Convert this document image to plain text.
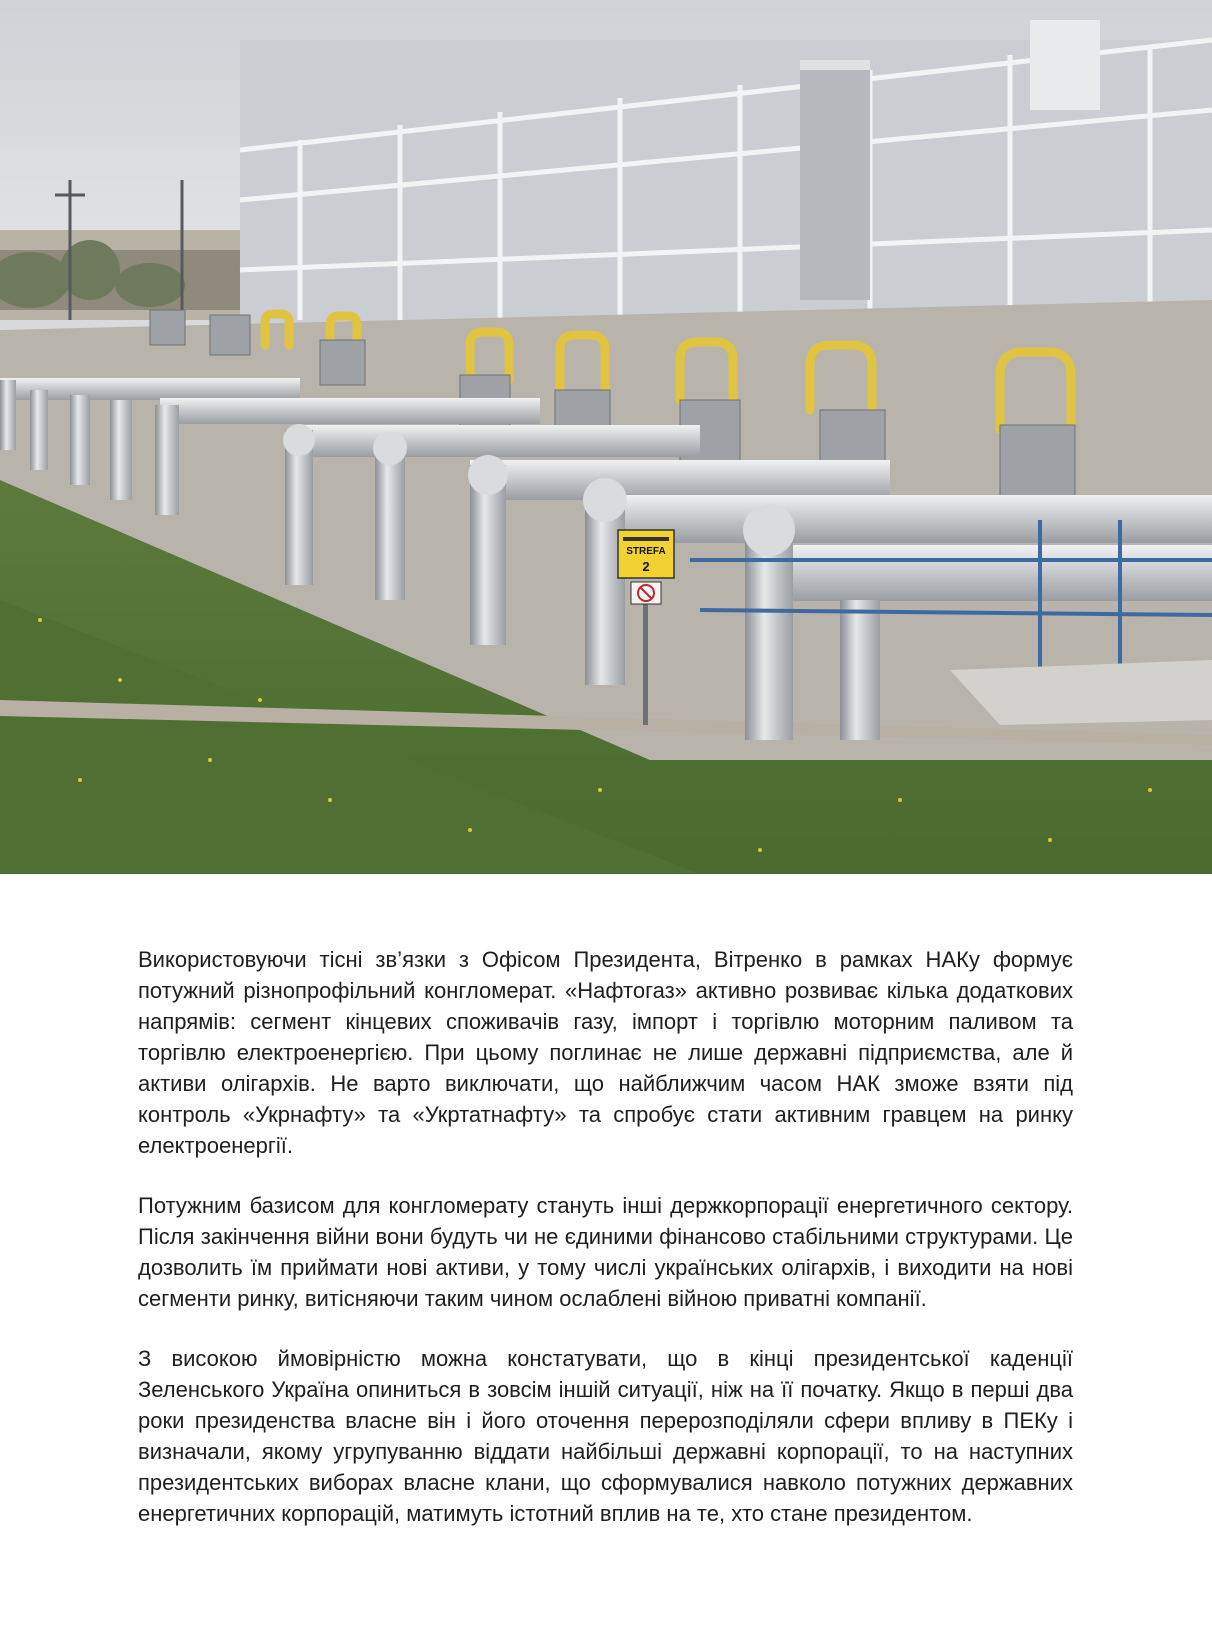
STREFA
2

Використовуючи тісні зв’язки з Офісом Президента, Вітренко в рамках НАКу формує потужний різнопрофільний конгломерат. «Нафтогаз» активно розвиває кілька додаткових напрямів: сегмент кінцевих споживачів газу, імпорт і торгівлю моторним паливом та торгівлю електроенергією. При цьому поглинає не лише державні підприємства, але й активи олігархів. Не варто виключати, що найближчим часом НАК зможе взяти під контроль «Укрнафту» та «Укртатнафту» та спробує стати активним гравцем на ринку електроенергії.

Потужним базисом для конгломерату стануть інші держкорпорації енергетичного сектору. Після закінчення війни вони будуть чи не єдиними фінансово стабільними структурами. Це дозволить їм приймати нові активи, у тому числі українських олігархів, і виходити на нові сегменти ринку, витісняючи таким чином ослаблені війною приватні компанії.

З високою ймовірністю можна констатувати, що в кінці президентської каденції Зеленського Україна опиниться в зовсім іншій ситуації, ніж на її початку. Якщо в перші два роки президенства власне він і його оточення перерозподіляли сфери впливу в ПЕКу і визначали, якому угрупуванню віддати найбільші державні корпорації, то на наступних президентських виборах власне клани, що сформувалися навколо потужних державних енергетичних корпорацій, матимуть істотний вплив на те, хто стане президентом.
